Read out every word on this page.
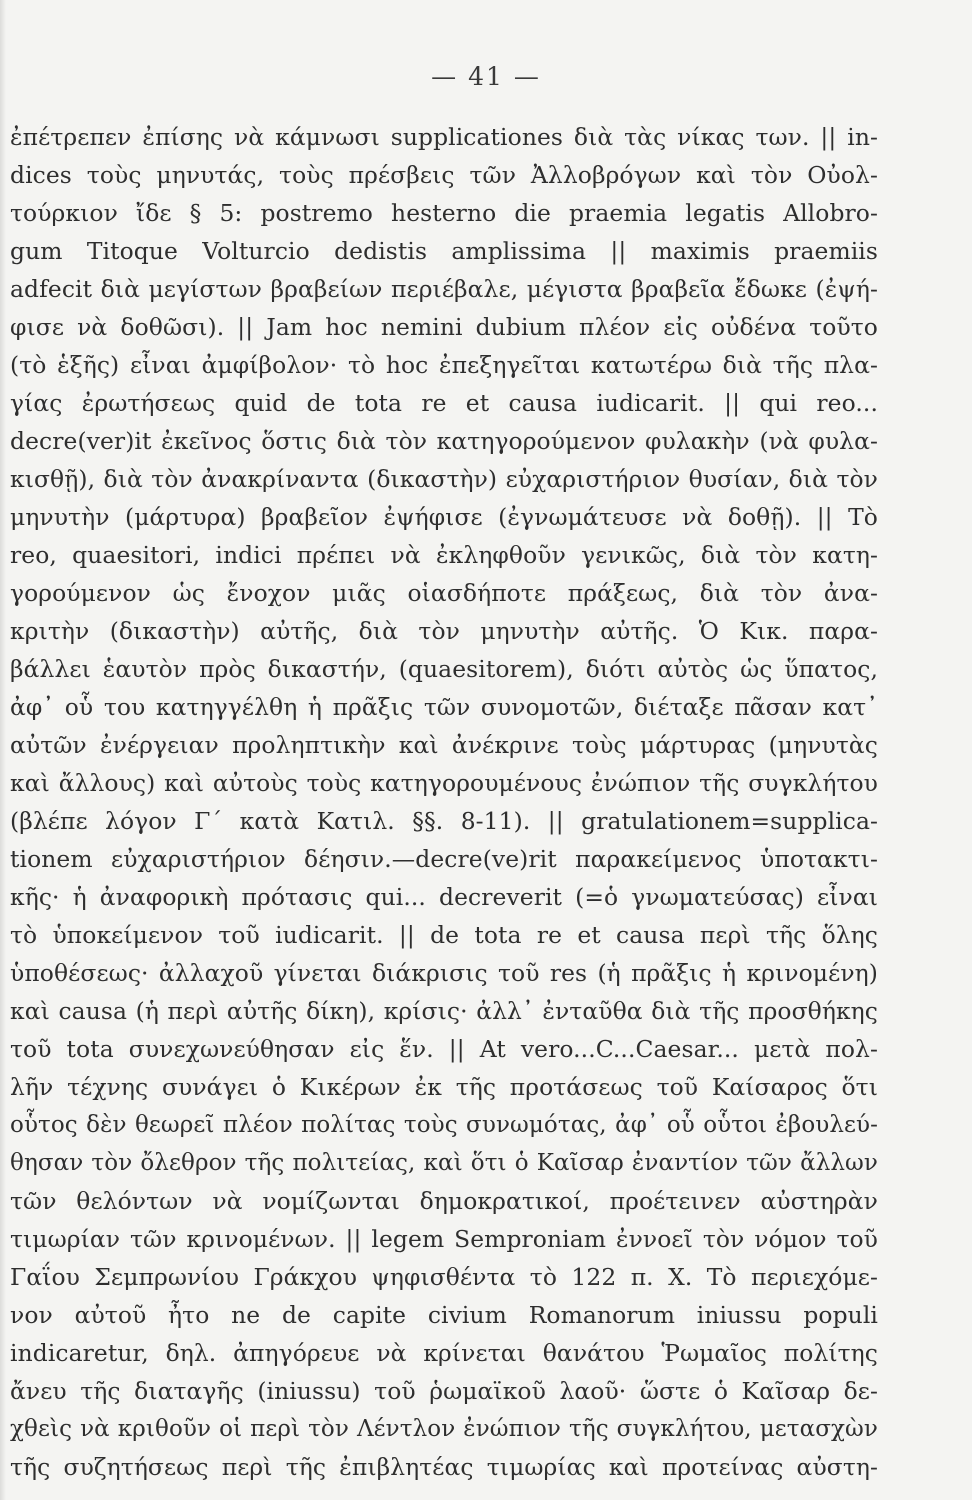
— 41 —
ἐπέτρεπεν ἐπίσης νὰ κάμνωσι supplicationes διὰ τὰς νίκας των. || in-
dices τοὺς μηνυτάς, τοὺς πρέσβεις τῶν Ἀλλοβρόγων καὶ τὸν Οὐολ-
τούρκιον ἴδε § 5: postremo hesterno die praemia legatis Allobro-
gum Titoque Volturcio dedistis amplissima || maximis praemiis
adfecit διὰ μεγίστων βραβείων περιέβαλε, μέγιστα βραβεῖα ἔδωκε (ἐψή-
φισε νὰ δοθῶσι). || Jam hoc nemini dubium πλέον εἰς οὐδένα τοῦτο
(τὸ ἑξῆς) εἶναι ἀμφίβολον· τὸ hoc ἐπεξηγεῖται κατωτέρω διὰ τῆς πλα-
γίας ἐρωτήσεως quid de tota re et causa iudicarit. || qui reo...
decre(ver)it ἐκεῖνος ὅστις διὰ τὸν κατηγορούμενον φυλακὴν (νὰ φυλα-
κισθῇ), διὰ τὸν ἀνακρίναντα (δικαστὴν) εὐχαριστήριον θυσίαν, διὰ τὸν
μηνυτὴν (μάρτυρα) βραβεῖον ἐψήφισε (ἐγνωμάτευσε νὰ δοθῇ). || Τὸ
reo, quaesitori, indici πρέπει νὰ ἐκληφθοῦν γενικῶς, διὰ τὸν κατη-
γορούμενον ὡς ἔνοχον μιᾶς οἱασδήποτε πράξεως, διὰ τὸν ἀνα-
κριτὴν (δικαστὴν) αὐτῆς, διὰ τὸν μηνυτὴν αὐτῆς. Ὁ Κικ. παρα-
βάλλει ἑαυτὸν πρὸς δικαστήν, (quaesitorem), διότι αὐτὸς ὡς ὕπατος,
ἀφ᾽ οὗ του κατηγγέλθη ἡ πρᾶξις τῶν συνομοτῶν, διέταξε πᾶσαν κατ᾽
αὐτῶν ἐνέργειαν προληπτικὴν καὶ ἀνέκρινε τοὺς μάρτυρας (μηνυτὰς
καὶ ἄλλους) καὶ αὐτοὺς τοὺς κατηγορουμένους ἐνώπιον τῆς συγκλήτου
(βλέπε λόγον Γ´ κατὰ Κατιλ. §§. 8-11). || gratulationem=supplica-
tionem εὐχαριστήριον δέησιν.—decre(ve)rit παρακείμενος ὑποτακτι-
κῆς· ἡ ἀναφορικὴ πρότασις qui... decreverit (=ὁ γνωματεύσας) εἶναι
τὸ ὑποκείμενον τοῦ iudicarit. || de tota re et causa περὶ τῆς ὅλης
ὑποθέσεως· ἀλλαχοῦ γίνεται διάκρισις τοῦ res (ἡ πρᾶξις ἡ κρινομένη)
καὶ causa (ἡ περὶ αὐτῆς δίκη), κρίσις· ἀλλ᾽ ἐνταῦθα διὰ τῆς προσθήκης
τοῦ tota συνεχωνεύθησαν εἰς ἕν. || At vero...C...Caesar... μετὰ πολ-
λῆν τέχνης συνάγει ὁ Κικέρων ἐκ τῆς προτάσεως τοῦ Καίσαρος ὅτι
οὗτος δὲν θεωρεῖ πλέον πολίτας τοὺς συνωμότας, ἀφ᾽ οὗ οὗτοι ἐβουλεύ-
θησαν τὸν ὄλεθρον τῆς πολιτείας, καὶ ὅτι ὁ Καῖσαρ ἐναντίον τῶν ἄλλων
τῶν θελόντων νὰ νομίζωνται δημοκρατικοί, προέτεινεν αὐστηρὰν
τιμωρίαν τῶν κρινομένων. || legem Semproniam ἐννοεῖ τὸν νόμον τοῦ
Γαΐου Σεμπρωνίου Γράκχου ψηφισθέντα τὸ 122 π. Χ. Τὸ περιεχόμε-
νον αὐτοῦ ἦτο ne de capite civium Romanorum iniussu populi
indicaretur, δηλ. ἀπηγόρευε νὰ κρίνεται θανάτου Ῥωμαῖος πολίτης
ἄνευ τῆς διαταγῆς (iniussu) τοῦ ῥωμαϊκοῦ λαοῦ· ὥστε ὁ Καῖσαρ δε-
χθεὶς νὰ κριθοῦν οἱ περὶ τὸν Λέντλον ἐνώπιον τῆς συγκλήτου, μετασχὼν
τῆς συζητήσεως περὶ τῆς ἐπιβλητέας τιμωρίας καὶ προτείνας αὐστη-
